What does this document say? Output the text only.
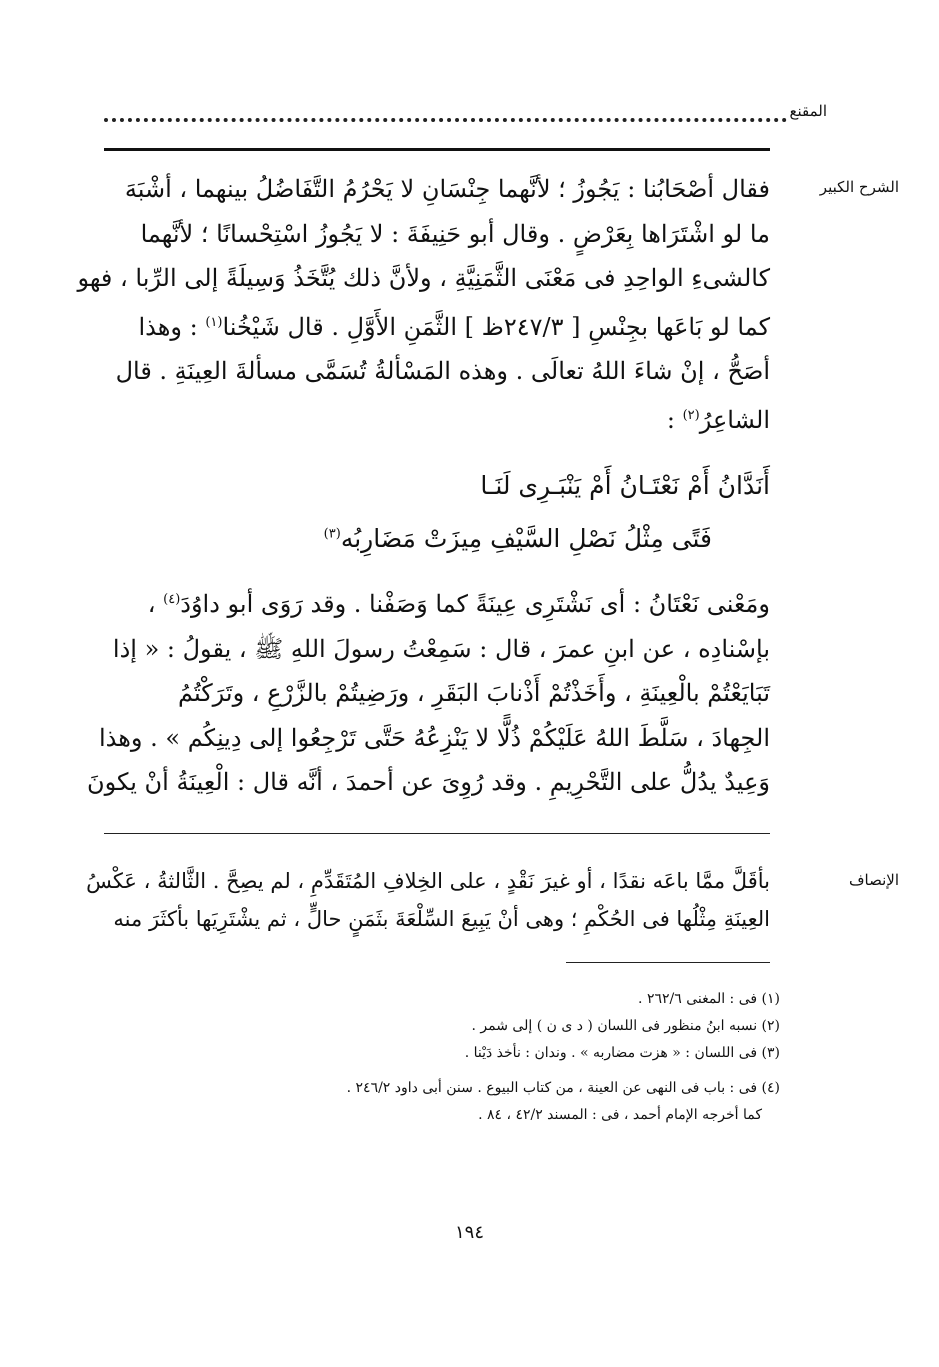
المقنع
الشرح الكبير
الإنصاف
فقال أصْحَابُنا : يَجُوزُ ؛ لأنَّهما جِنْسَانِ لا يَحْرُمُ التَّفَاضُلُ بينهما ، أشْبَهَ
ما لو اشْتَرَاها بِعَرْضٍ . وقال أبو حَنِيفَةَ : لا يَجُوزُ اسْتِحْسانًا ؛ لأنَّهما
كالشىءِ الواحِدِ فى مَعْنَى الثَّمَنِيَّةِ ، ولأنَّ ذلك يُتَّخَذُ وَسِيلَةً إلى الرِّبا ، فهو
كما لو بَاعَها بجِنْسِ [ ٢٤٧/٣ظ ] الثَّمَنِ الأَوَّلِ . قال شَيْخُنا$^{(١)}$ : وهذا
أصَحُّ ، إنْ شاءَ اللهُ تعالَى . وهذه المَسْألةُ تُسَمَّى مسألةَ العِينَةِ . قال
الشاعِرُ$^{(٢)}$ :
أَنَدَّانُ أَمْ نَعْتَـانُ أَمْ يَنْبَـرِى لَنَـا
فَتًى مِثْلُ نَصْلِ السَّيْفِ مِيزَتْ مَضَارِبُه$^{(٣)}$
ومَعْنى نَعْتَانُ : أى نَشْتَرِى عِينَةً كما وَصَفْنا . وقد رَوَى أبو داوُدَ$^{(٤)}$ ،
بإسْنادِه ، عن ابنِ عمرَ ، قال : سَمِعْتُ رسولَ اللهِ ﷺ ، يقولُ : « إذا
تَبَايَعْتُمْ بالْعِينَةِ ، وأَخَذْتُمْ أَذْنابَ البَقَرِ ، ورَضِيتُمْ بالزَّرْعِ ، وتَرَكْتُمُ
الجِهادَ ، سَلَّطَ اللهُ عَلَيْكُمْ ذُلًّا لا يَنْزِعُهُ حَتَّى تَرْجِعُوا إلى دِينِكُم » . وهذا
وَعِيدٌ يدُلُّ على التَّحْرِيمِ . وقد رُوِىَ عن أحمدَ ، أنَّه قال : الْعِينَةُ أنْ يكونَ
بأقَلَّ ممَّا باعَه نقدًا ، أو غيرَ نَقْدٍ ، على الخِلافِ المُتَقَدِّمِ ، لم يصِحَّ . الثَّالثةُ ، عَكْسُ
العِينَةِ مِثْلُها فى الحُكْمِ ؛ وهى أنْ يَبِيعَ السِّلْعَةَ بثَمَنٍ حالٍّ ، ثم يشْتَرِيَها بأكثَرَ منه
(١) فى : المغنى ٢٦٢/٦ .
(٢) نسبه ابنُ منظور فى اللسان ( د ى ن ) إلى شمر .
(٣) فى اللسان : « هزت مضاربه » . وندان : نأخذ دَيْنا .
(٤) فى : باب فى النهى عن العينة ، من كتاب البيوع . سنن أبى داود ٢٤٦/٢ .
كما أخرجه الإمام أحمد ، فى : المسند ٤٢/٢ ، ٨٤ .
١٩٤
